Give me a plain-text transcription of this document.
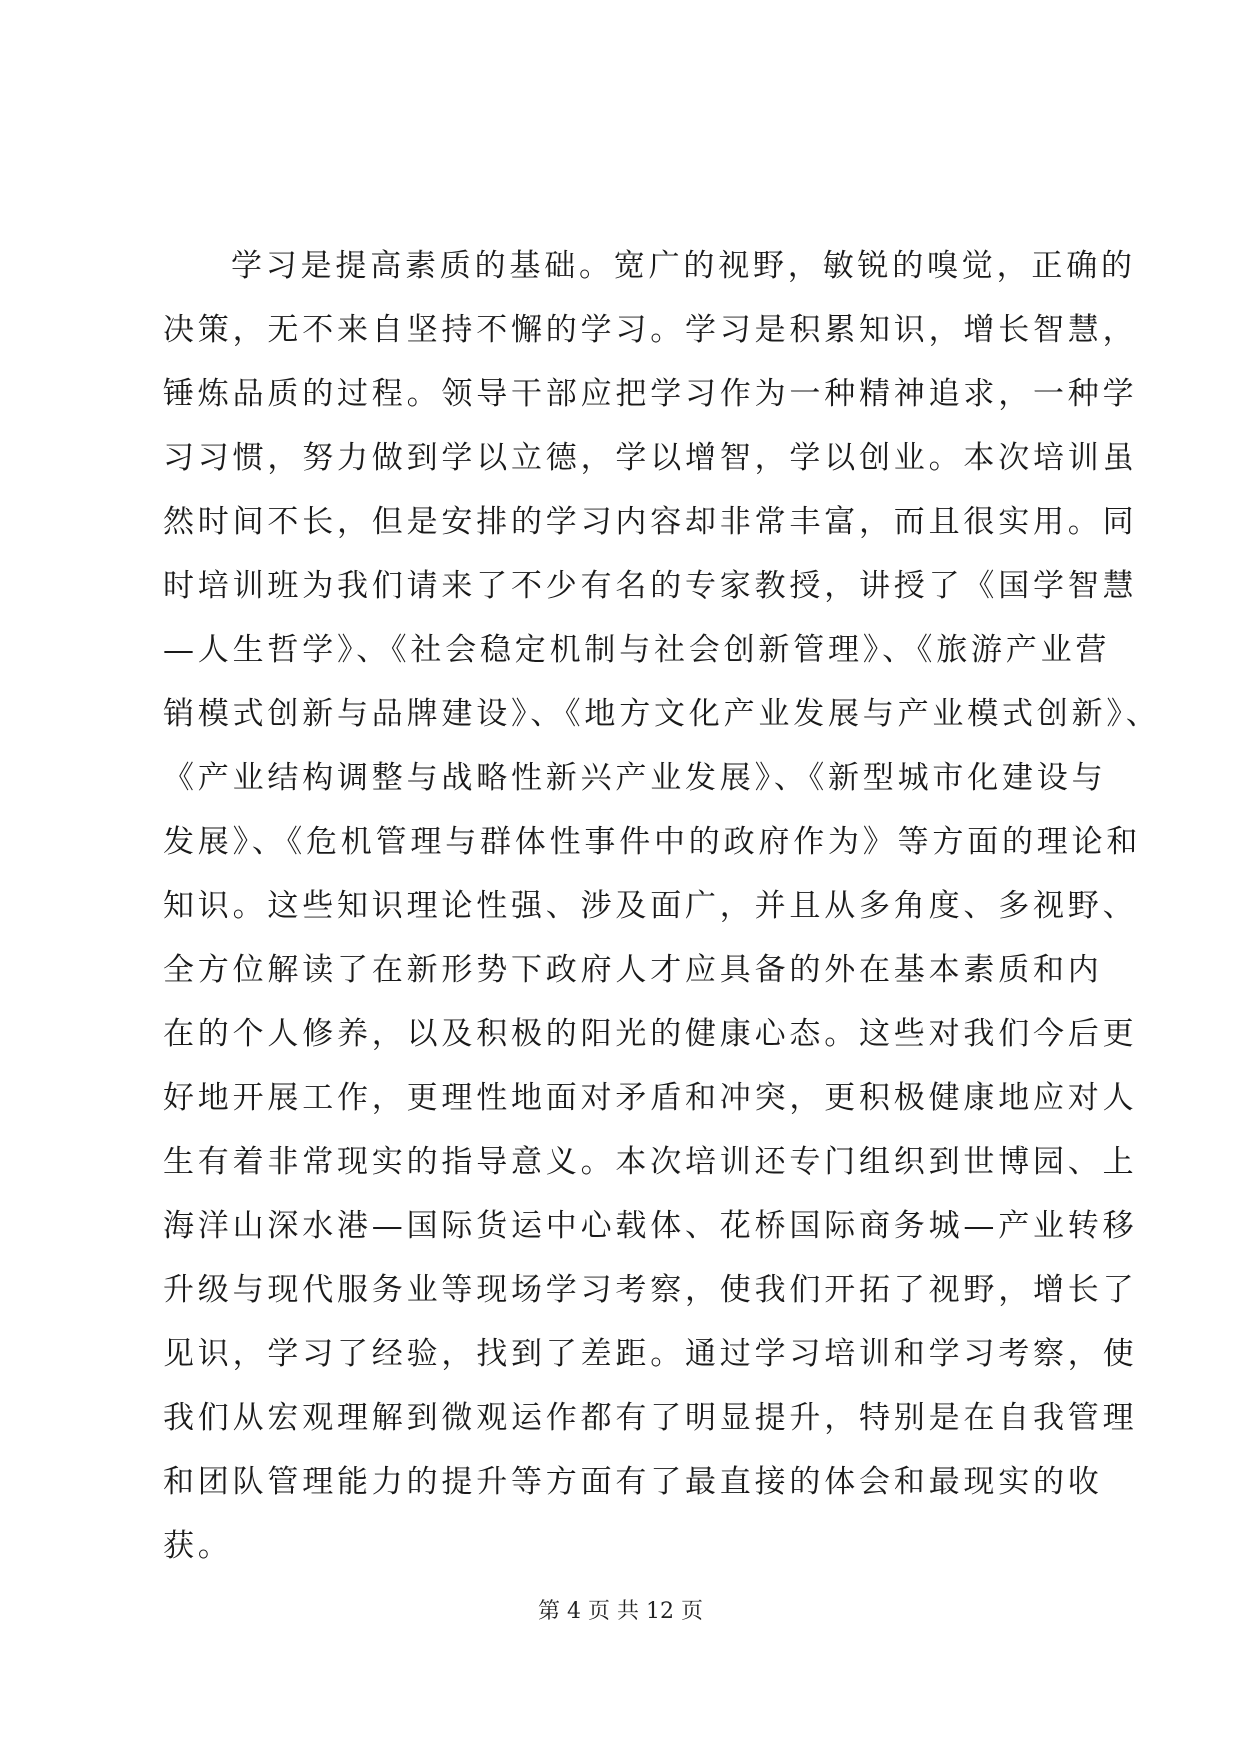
学习是提高素质的基础。宽广的视野，敏锐的嗅觉，正确的
决策，无不来自坚持不懈的学习。学习是积累知识，增长智慧，
锤炼品质的过程。领导干部应把学习作为一种精神追求，一种学
习习惯，努力做到学以立德，学以增智，学以创业。本次培训虽
然时间不长，但是安排的学习内容却非常丰富，而且很实用。同
时培训班为我们请来了不少有名的专家教授，讲授了《国学智慧
—人生哲学》、《社会稳定机制与社会创新管理》、《旅游产业营
销模式创新与品牌建设》、《地方文化产业发展与产业模式创新》、
《产业结构调整与战略性新兴产业发展》、《新型城市化建设与
发展》、《危机管理与群体性事件中的政府作为》等方面的理论和
知识。这些知识理论性强、涉及面广，并且从多角度、多视野、
全方位解读了在新形势下政府人才应具备的外在基本素质和内
在的个人修养，以及积极的阳光的健康心态。这些对我们今后更
好地开展工作，更理性地面对矛盾和冲突，更积极健康地应对人
生有着非常现实的指导意义。本次培训还专门组织到世博园、上
海洋山深水港—国际货运中心载体、花桥国际商务城—产业转移
升级与现代服务业等现场学习考察，使我们开拓了视野，增长了
见识，学习了经验，找到了差距。通过学习培训和学习考察，使
我们从宏观理解到微观运作都有了明显提升，特别是在自我管理
和团队管理能力的提升等方面有了最直接的体会和最现实的收
获。
第 4 页 共 12 页
